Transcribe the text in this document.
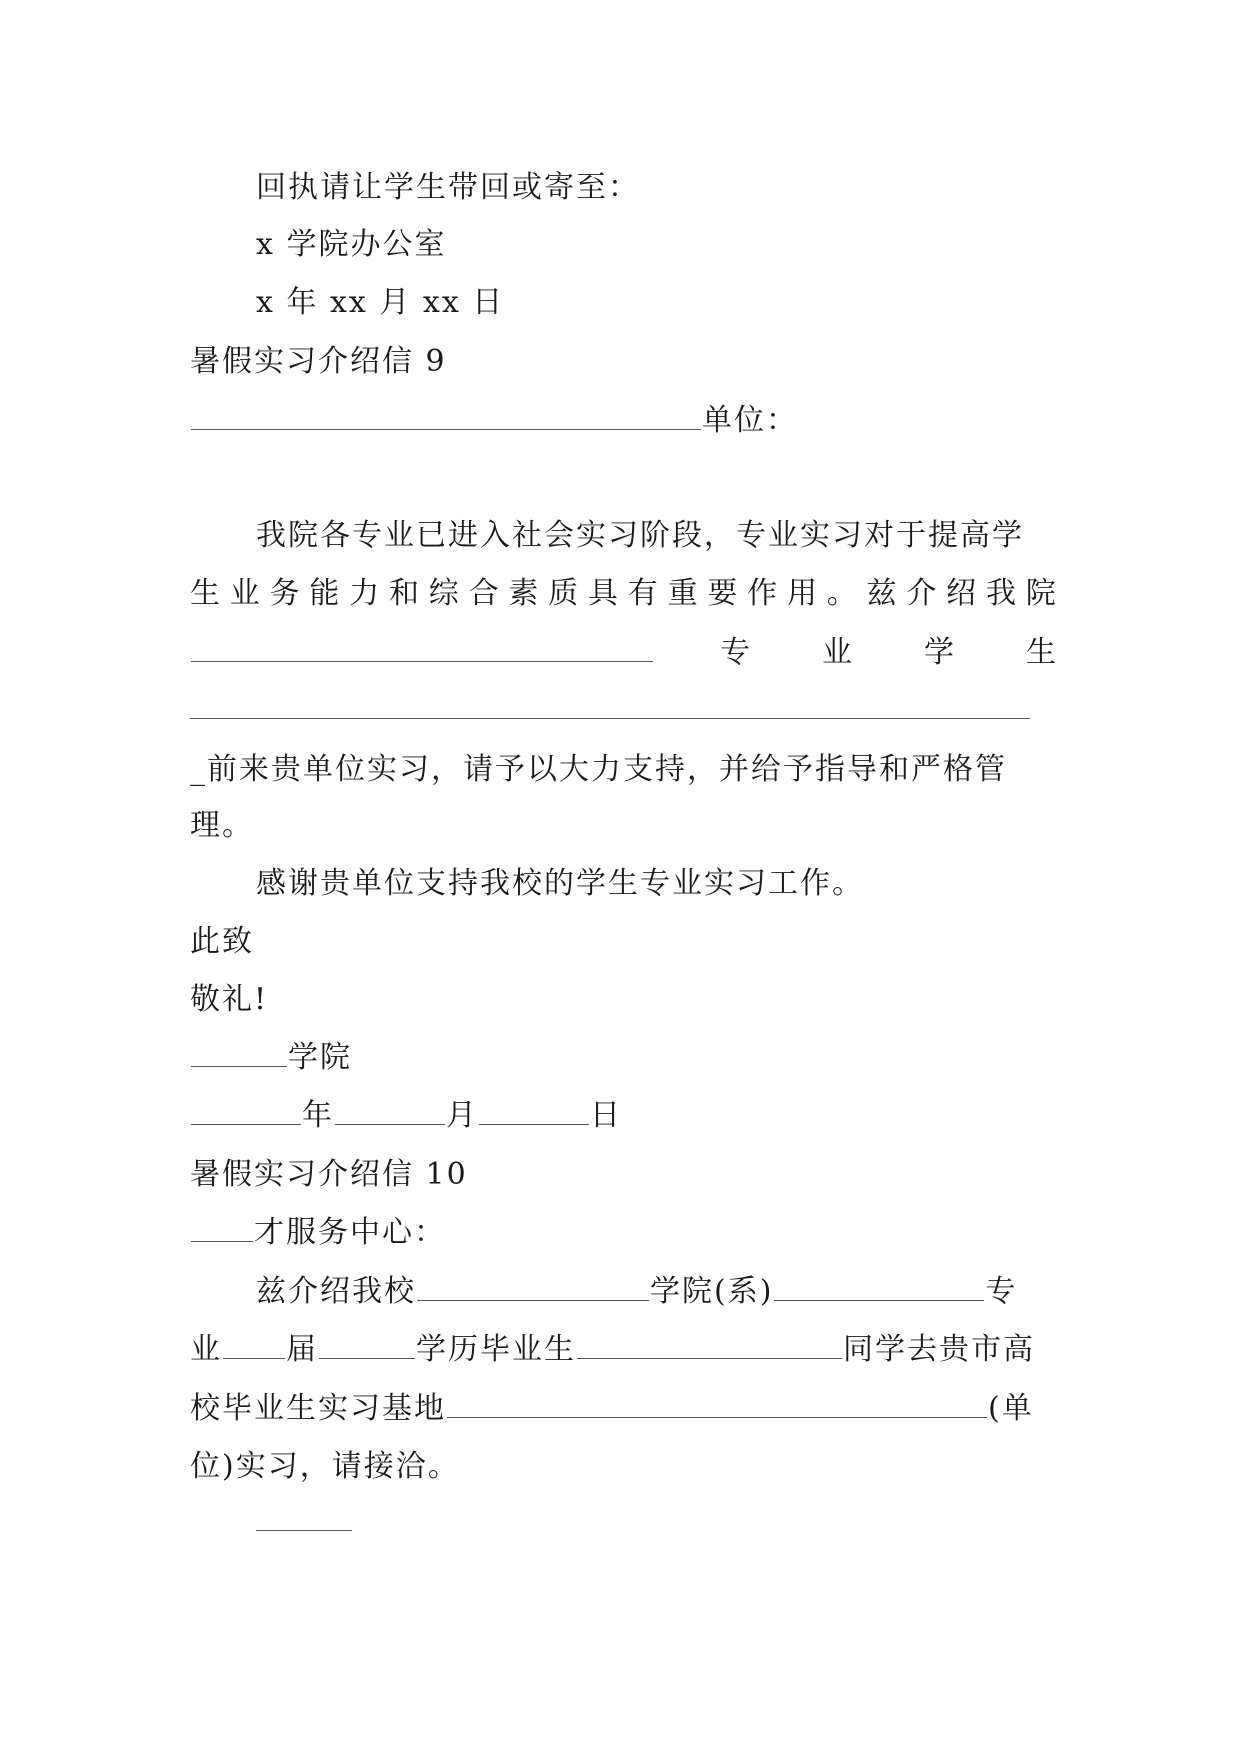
回执请让学生带回或寄至：
x 学院办公室
x 年 xx 月 xx 日
暑假实习介绍信 9
单位：
我院各专业已进入社会实习阶段，专业实习对于提高学
生 业 务 能 力 和 综 合 素 质 具 有 重 要 作 用 。 兹 介 绍 我 院
专 业 学 生
_前来贵单位实习，请予以大力支持，并给予指导和严格管
理。
感谢贵单位支持我校的学生专业实习工作。
此致
敬礼!
学院
年	月	日
暑假实习介绍信 10
才服务中心：
兹介绍我校	学院(系)	专
业 届	学历毕业生	同学去贵市高
校毕业生实习基地	(单
位)实习，请接洽。
